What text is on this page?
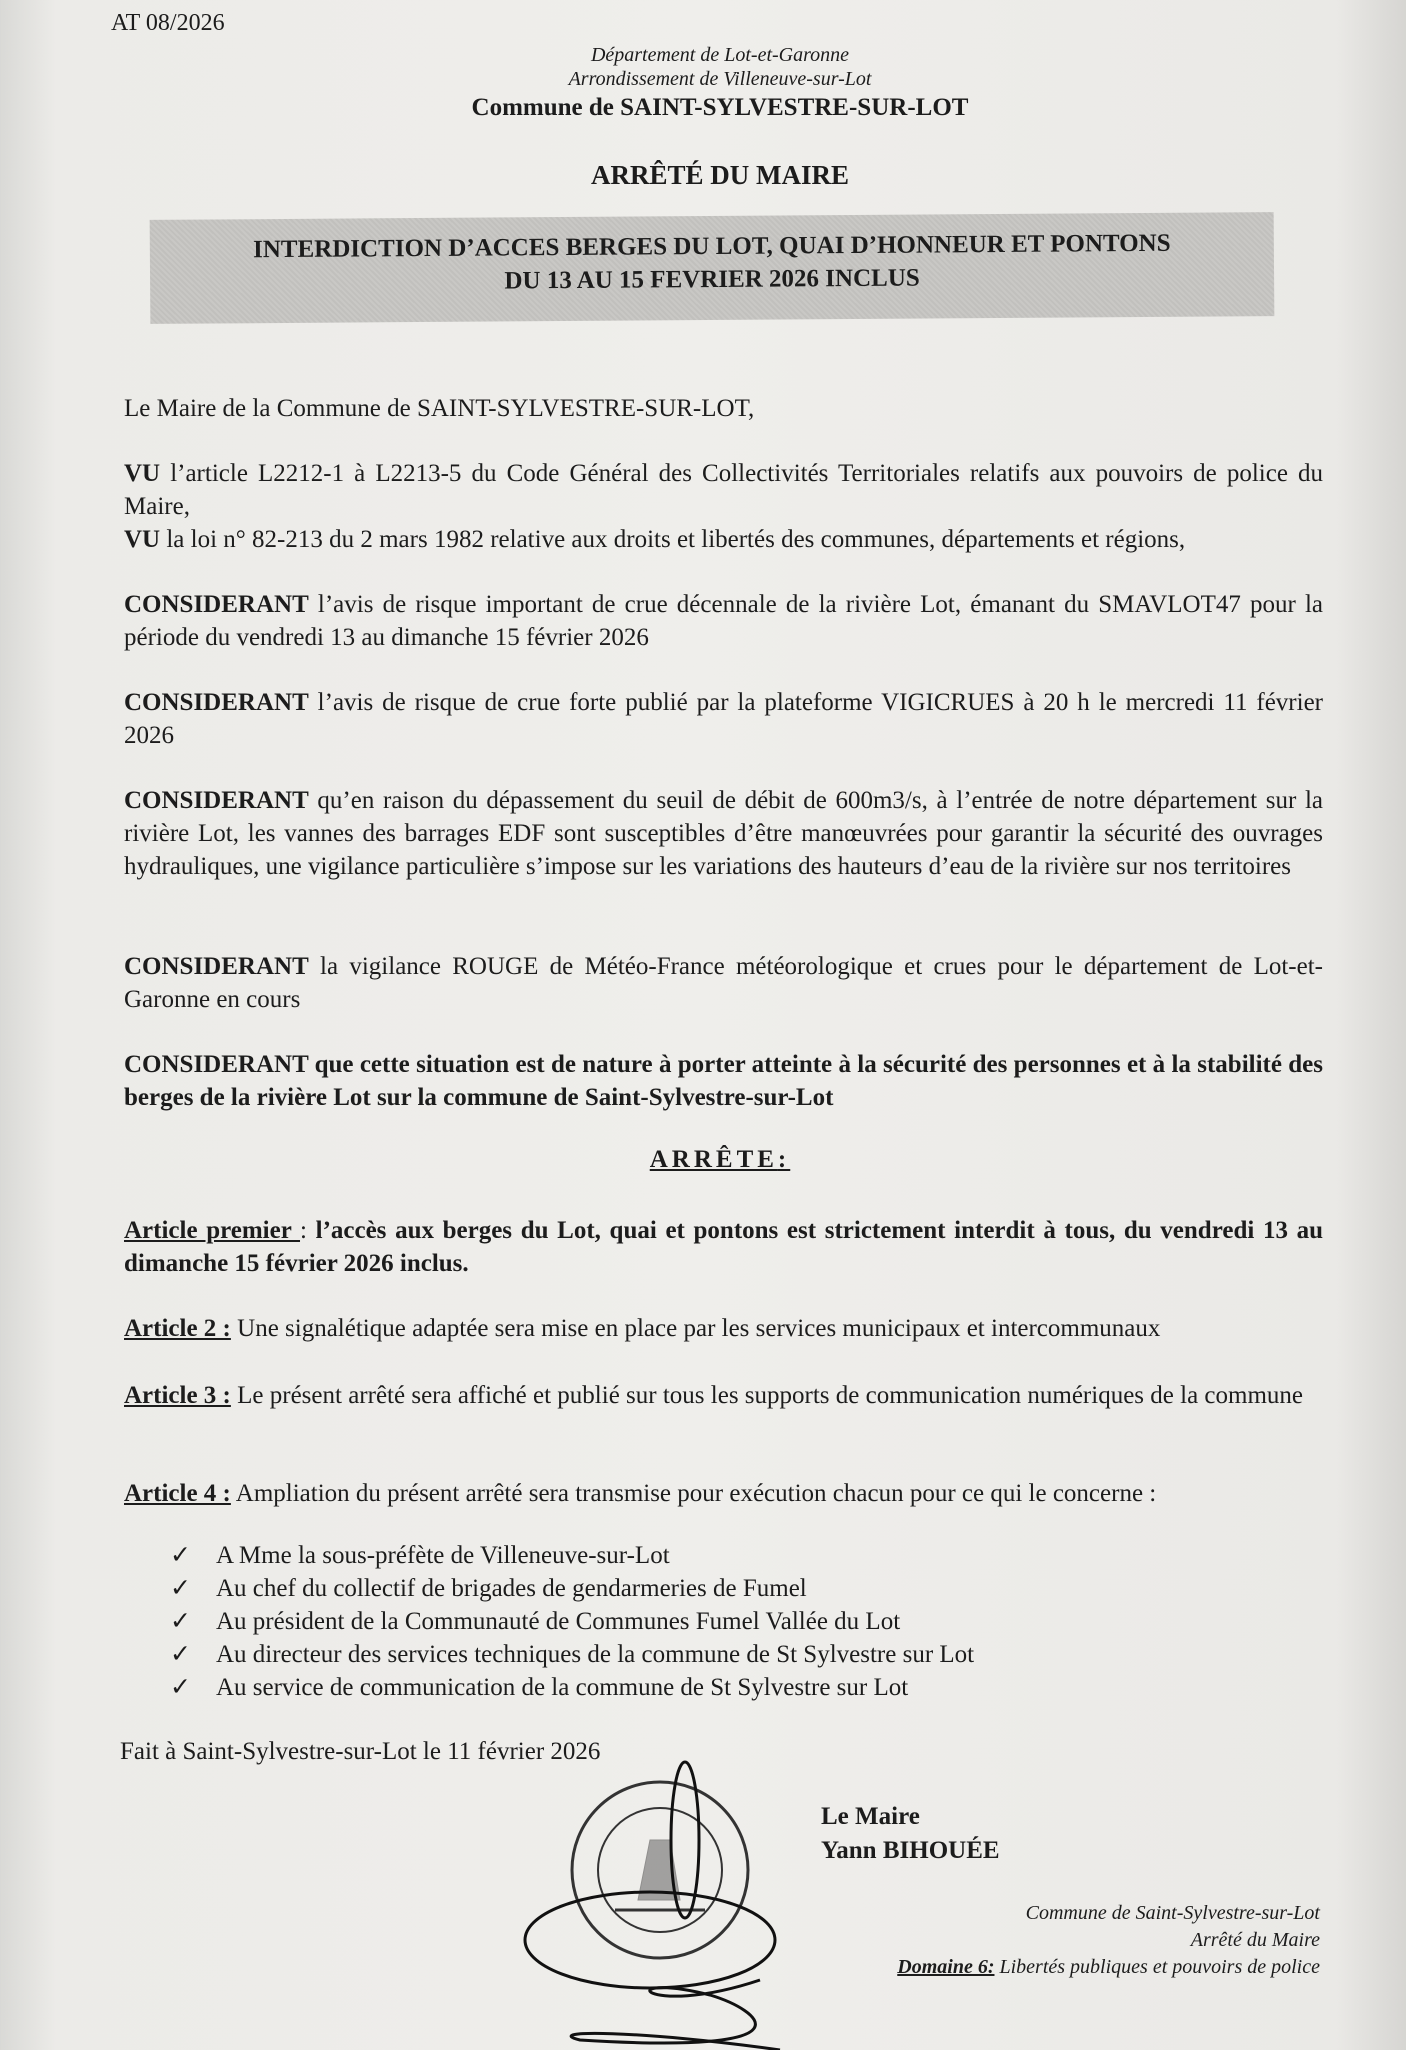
AT 08/2026
Département de Lot-et-Garonne
Arrondissement de Villeneuve-sur-Lot
Commune de SAINT-SYLVESTRE-SUR-LOT
ARRÊTÉ DU MAIRE
INTERDICTION D’ACCES BERGES DU LOT, QUAI D’HONNEUR ET PONTONS
DU 13 AU 15 FEVRIER 2026 INCLUS
Le Maire de la Commune de SAINT-SYLVESTRE-SUR-LOT,
VU l’article L2212-1 à L2213-5 du Code Général des Collectivités Territoriales relatifs aux pouvoirs de police du Maire,
VU la loi n° 82-213 du 2 mars 1982 relative aux droits et libertés des communes, départements et régions,
CONSIDERANT l’avis de risque important de crue décennale de la rivière Lot, émanant du SMAVLOT47 pour la période du vendredi 13 au dimanche 15 février 2026
CONSIDERANT l’avis de risque de crue forte publié par la plateforme VIGICRUES à 20 h le mercredi 11 février 2026
CONSIDERANT qu’en raison du dépassement du seuil de débit de 600m3/s, à l’entrée de notre département sur la rivière Lot, les vannes des barrages EDF sont susceptibles d’être manœuvrées pour garantir la sécurité des ouvrages hydrauliques, une vigilance particulière s’impose sur les variations des hauteurs d’eau de la rivière sur nos territoires
CONSIDERANT la vigilance ROUGE de Météo-France météorologique et crues pour le département de Lot-et-Garonne en cours
CONSIDERANT que cette situation est de nature à porter atteinte à la sécurité des personnes et à la stabilité des berges de la rivière Lot sur la commune de Saint-Sylvestre-sur-Lot
ARRÊTE:
Article premier : l’accès aux berges du Lot, quai et pontons est strictement interdit à tous, du vendredi 13 au dimanche 15 février 2026 inclus.
Article 2 : Une signalétique adaptée sera mise en place par les services municipaux et intercommunaux
Article 3 : Le présent arrêté sera affiché et publié sur tous les supports de communication numériques de la commune
Article 4 : Ampliation du présent arrêté sera transmise pour exécution chacun pour ce qui le concerne :
✓ A Mme la sous-préfète de Villeneuve-sur-Lot
✓ Au chef du collectif de brigades de gendarmeries de Fumel
✓ Au président de la Communauté de Communes Fumel Vallée du Lot
✓ Au directeur des services techniques de la commune de St Sylvestre sur Lot
✓ Au service de communication de la commune de St Sylvestre sur Lot
Fait à Saint-Sylvestre-sur-Lot le 11 février 2026
Le Maire
Yann BIHOUÉE
Commune de Saint-Sylvestre-sur-Lot
Arrêté du Maire
Domaine 6: Libertés publiques et pouvoirs de police
